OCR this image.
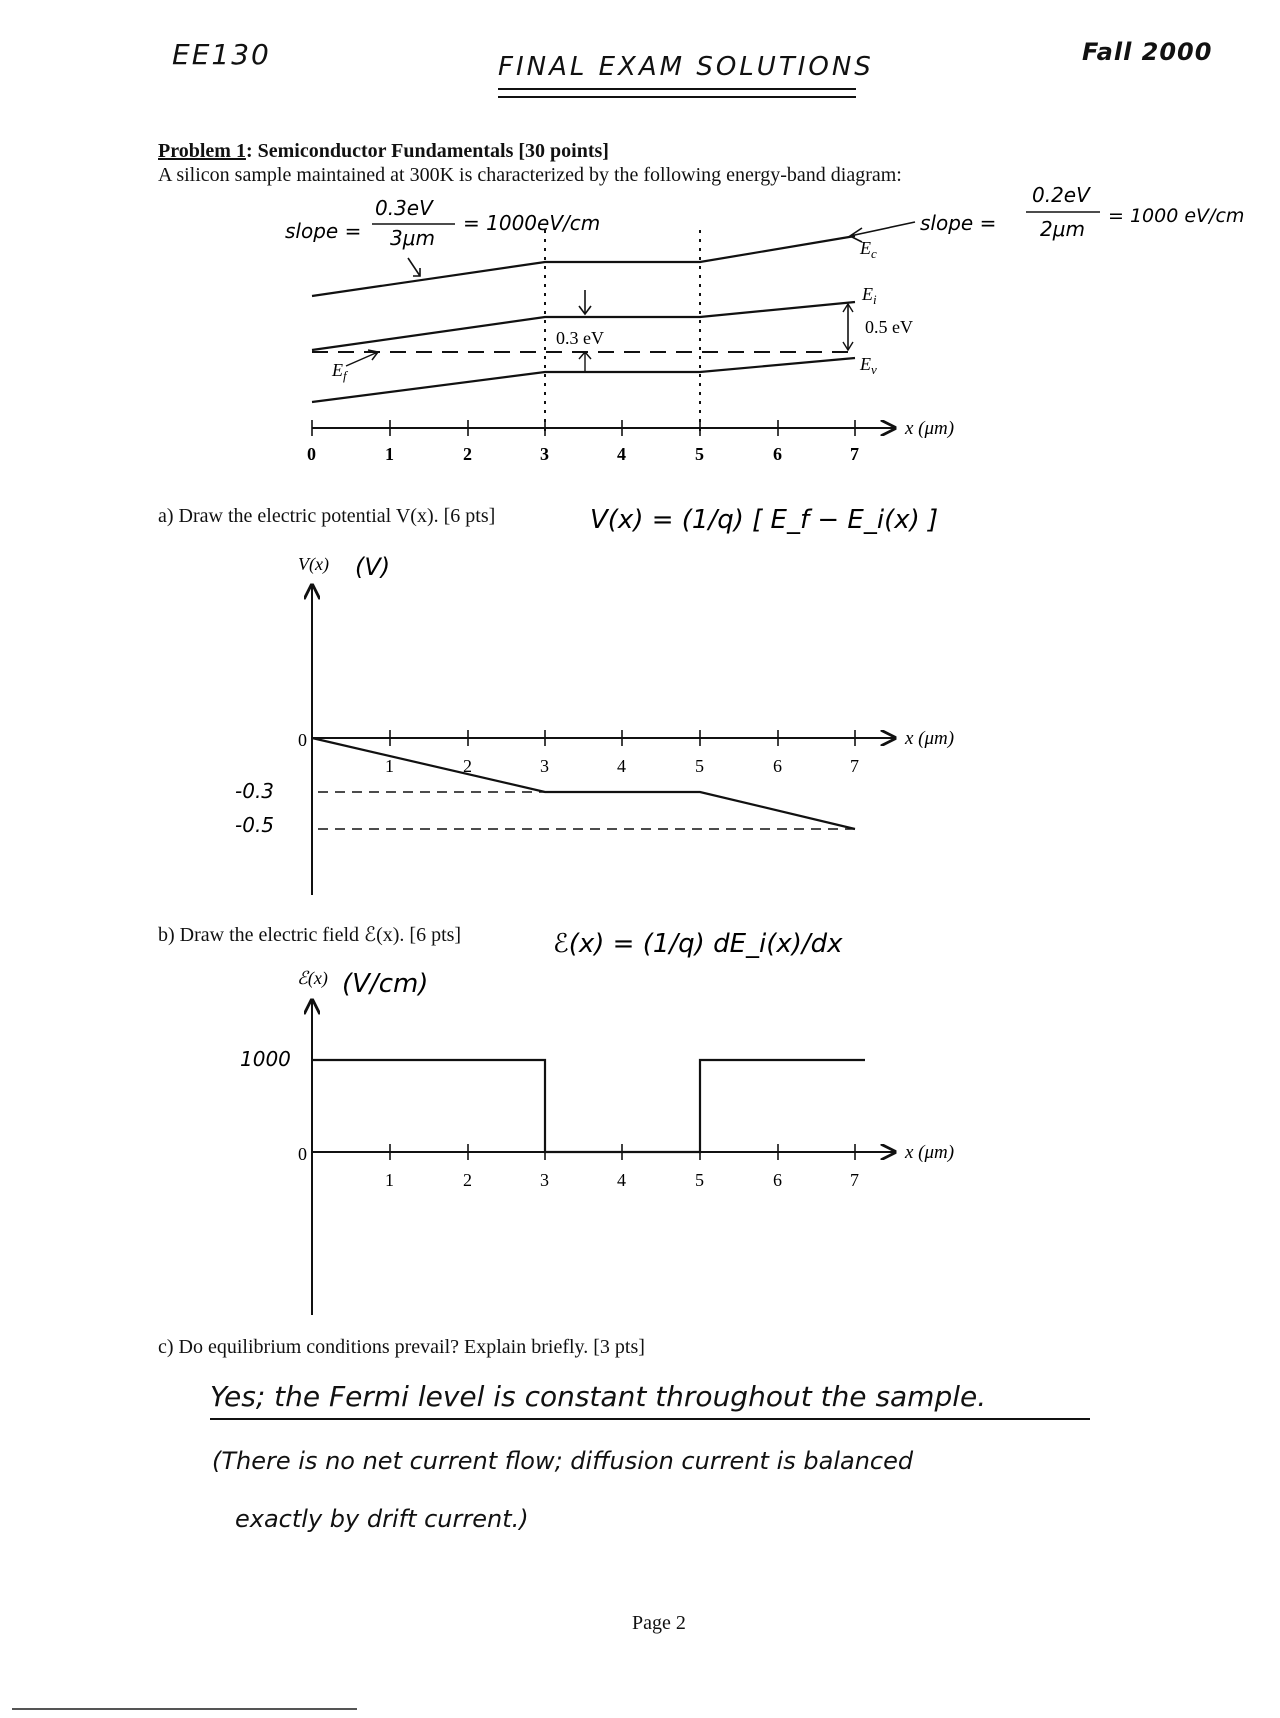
EE130	FINAL EXAM SOLUTIONS	Fall 2000
Problem 1: Semiconductor Fundamentals [30 points]
A silicon sample maintained at 300K is characterized by the following energy-band diagram:
slope =
0.3eV
3μm
= 1000eV/cm	slope =
0.2eV
2μm
= 1000 eV/cm
$E_c$
$E_i$
$E_f$
$E_v$
0.3 eV
0.5 eV
0	1	2	3	4	5	6	7
x (μm)
V(x) = (1/q) [ E_f − E_i(x) ]
V(x) (V)
0
1	2	3	4	5	6	7
x (μm)
-0.3
-0.5
ℰ(x) = (1/q) dE_i(x)/dx
ℰ(x) (V/cm)
0
1	2	3	4	5	6	7
x (μm)
1000
a) Draw the electric potential V(x). [6 pts]
b) Draw the electric field ℰ(x). [6 pts]
c) Do equilibrium conditions prevail? Explain briefly. [3 pts]
Yes; the Fermi level is constant throughout the sample.
(There is no net current flow; diffusion current is balanced
exactly by drift current.)
Page 2
